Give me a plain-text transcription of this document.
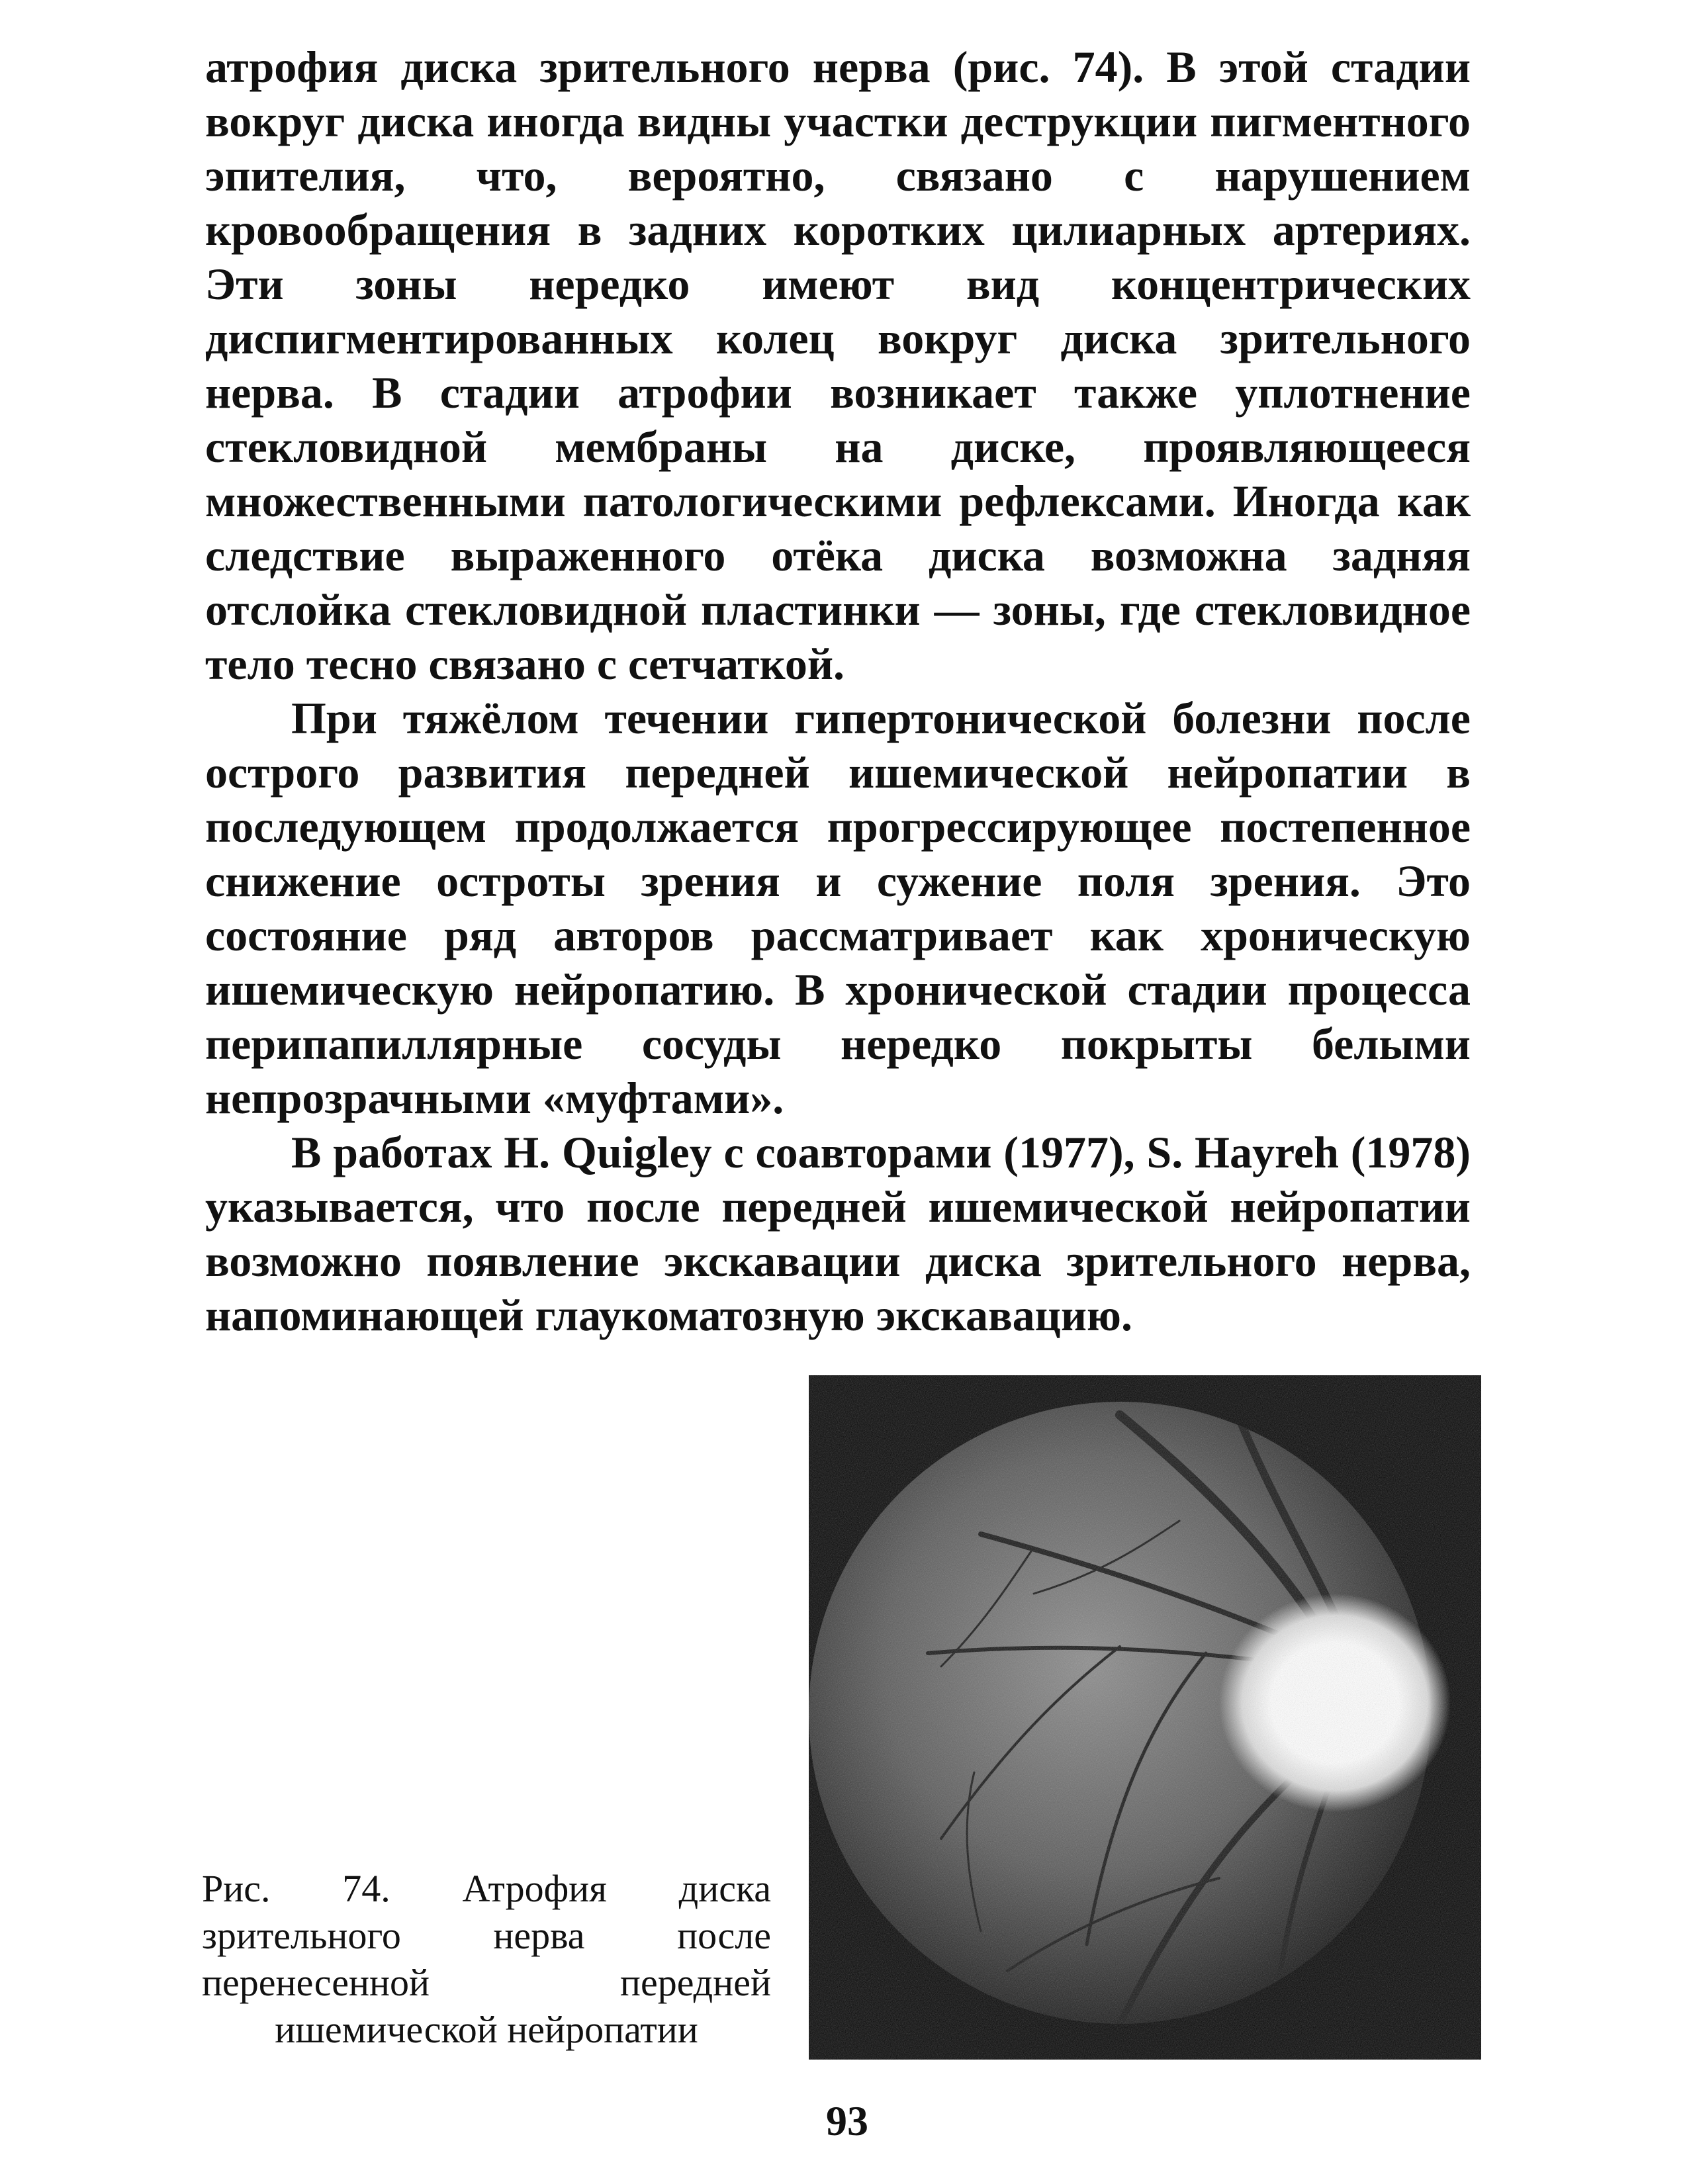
атрофия диска зрительного нерва (рис. 74). В этой стадии вокруг диска иногда видны участки деструкции пигментного эпителия, что, вероятно, связано с нарушением кровообращения в задних коротких цилиарных артериях. Эти зоны нередко имеют вид концентрических диспигментированных колец вокруг диска зрительного нерва. В стадии атрофии возникает также уплотнение стекловидной мембраны на диске, проявляющееся множественными патологическими рефлексами. Иногда как следствие выраженного отёка диска возможна задняя отслойка стекловидной пластинки — зоны, где стекловидное тело тесно связано с сетчаткой.

При тяжёлом течении гипертонической болезни после острого развития передней ишемической нейропатии в последующем продолжается прогрессирующее постепенное снижение остроты зрения и сужение поля зрения. Это состояние ряд авторов рассматривает как хроническую ишемическую нейропатию. В хронической стадии процесса перипапиллярные сосуды нередко покрыты белыми непрозрачными «муфтами».

В работах H. Quigley с соавторами (1977), S. Hayreh (1978) указывается, что после передней ишемической нейропатии возможно появление экскавации диска зрительного нерва, напоминающей глаукоматозную экскавацию.

Рис. 74. Атрофия диска зрительного нерва после перенесенной передней ишемической нейропатии
93
